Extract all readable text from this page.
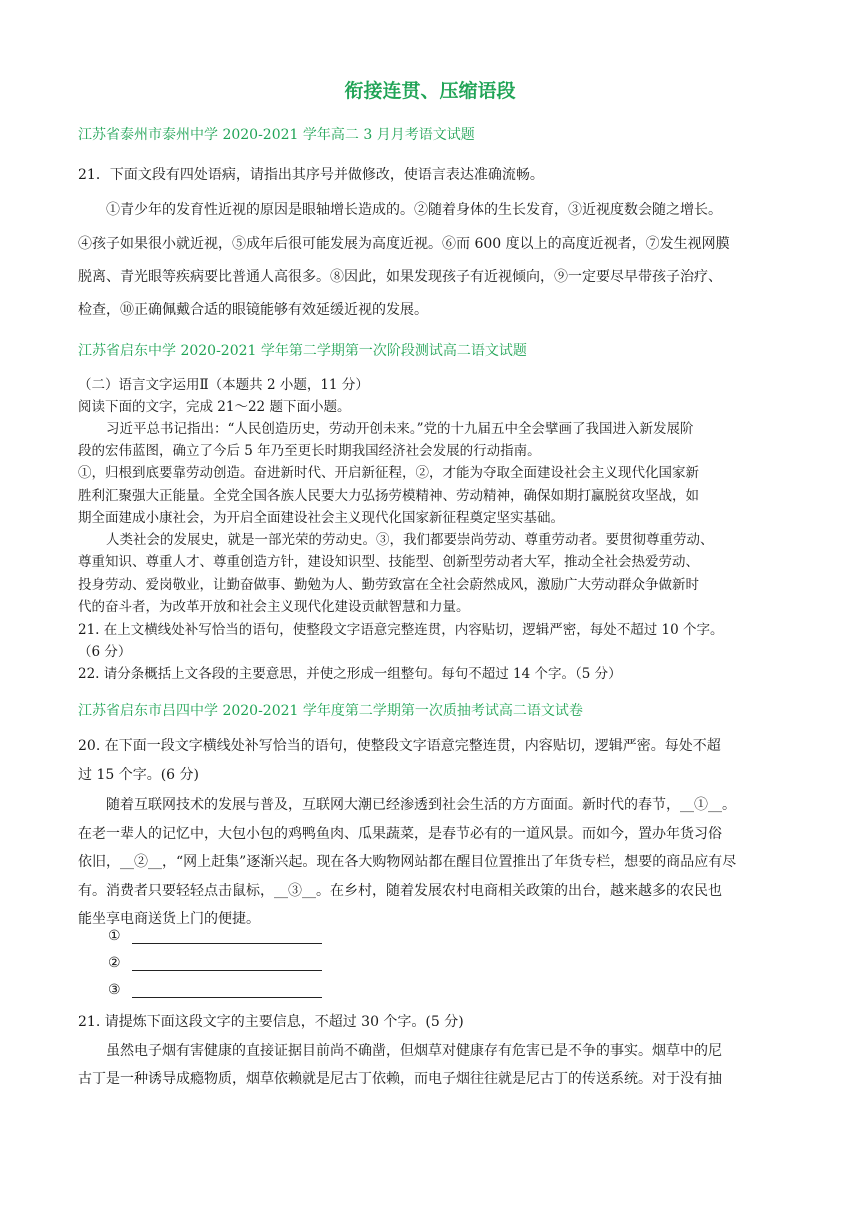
衔接连贯、压缩语段
江苏省泰州市泰州中学 2020-2021 学年高二 3 月月考语文试题
21．下面文段有四处语病，请指出其序号并做修改，使语言表达准确流畅。
①青少年的发育性近视的原因是眼轴增长造成的。②随着身体的生长发育，③近视度数会随之增长。
④孩子如果很小就近视，⑤成年后很可能发展为高度近视。⑥而 600 度以上的高度近视者，⑦发生视网膜
脱离、青光眼等疾病要比普通人高很多。⑧因此，如果发现孩子有近视倾向，⑨一定要尽早带孩子治疗、
检查，⑩正确佩戴合适的眼镜能够有效延缓近视的发展。
江苏省启东中学 2020-2021 学年第二学期第一次阶段测试高二语文试题
（二）语言文字运用Ⅱ（本题共 2 小题，11 分）
阅读下面的文字，完成 21～22 题下面小题。
习近平总书记指出：“人民创造历史，劳动开创未来。”党的十九届五中全会擘画了我国进入新发展阶
段的宏伟蓝图，确立了今后 5 年乃至更长时期我国经济社会发展的行动指南。
①，归根到底要靠劳动创造。奋进新时代、开启新征程，②，才能为夺取全面建设社会主义现代化国家新
胜利汇聚强大正能量。全党全国各族人民要大力弘扬劳模精神、劳动精神，确保如期打赢脱贫攻坚战，如
期全面建成小康社会，为开启全面建设社会主义现代化国家新征程奠定坚实基础。
人类社会的发展史，就是一部光荣的劳动史。③，我们都要崇尚劳动、尊重劳动者。要贯彻尊重劳动、
尊重知识、尊重人才、尊重创造方针，建设知识型、技能型、创新型劳动者大军，推动全社会热爱劳动、
投身劳动、爱岗敬业，让勤奋做事、勤勉为人、勤劳致富在全社会蔚然成风，激励广大劳动群众争做新时
代的奋斗者，为改革开放和社会主义现代化建设贡献智慧和力量。
21. 在上文横线处补写恰当的语句，使整段文字语意完整连贯，内容贴切，逻辑严密，每处不超过 10 个字。
（6 分）
22. 请分条概括上文各段的主要意思，并使之形成一组整句。每句不超过 14 个字。（5 分）
江苏省启东市吕四中学 2020-2021 学年度第二学期第一次质抽考试高二语文试卷
20. 在下面一段文字横线处补写恰当的语句，使整段文字语意完整连贯，内容贴切，逻辑严密。每处不超
过 15 个字。(6 分)
随着互联网技术的发展与普及，互联网大潮已经渗透到社会生活的方方面面。新时代的春节，__①__。
在老一辈人的记忆中，大包小包的鸡鸭鱼肉、瓜果蔬菜，是春节必有的一道风景。而如今，置办年货习俗
依旧，__②__，“网上赶集”逐渐兴起。现在各大购物网站都在醒目位置推出了年货专栏，想要的商品应有尽
有。消费者只要轻轻点击鼠标，__③__。在乡村，随着发展农村电商相关政策的出台，越来越多的农民也
能坐享电商送货上门的便捷。
①
②
③
21. 请提炼下面这段文字的主要信息，不超过 30 个字。(5 分)
虽然电子烟有害健康的直接证据目前尚不确凿，但烟草对健康存有危害已是不争的事实。烟草中的尼
古丁是一种诱导成瘾物质，烟草依赖就是尼古丁依赖，而电子烟往往就是尼古丁的传送系统。对于没有抽
